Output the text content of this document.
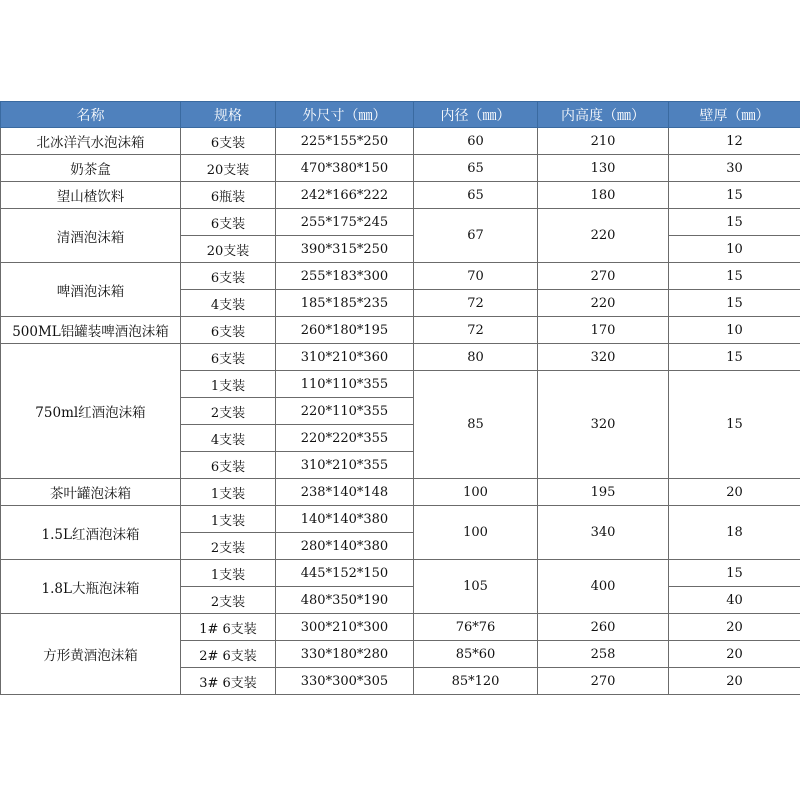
名称	规格	外尺寸（㎜）	内径（㎜）	内高度（㎜）	壁厚（㎜）
北冰洋汽水泡沫箱	6支装	225*155*250	60	210	12
奶茶盒	20支装	470*380*150	65	130	30
望山楂饮料	6瓶装	242*166*222	65	180	15
清酒泡沫箱	6支装	255*175*245	67	220	15
	20支装	390*315*250			10
啤酒泡沫箱	6支装	255*183*300	70	270	15
	4支装	185*185*235	72	220	15
500ML铝罐装啤酒泡沫箱	6支装	260*180*195	72	170	10
750ml红酒泡沫箱	6支装	310*210*360	80	320	15
	1支装	110*110*355	85	320	15
	2支装	220*110*355			
	4支装	220*220*355			
	6支装	310*210*355			
茶叶罐泡沫箱	1支装	238*140*148	100	195	20
1.5L红酒泡沫箱	1支装	140*140*380	100	340	18
	2支装	280*140*380			
1.8L大瓶泡沫箱	1支装	445*152*150	105	400	15
	2支装	480*350*190			40
方形黄酒泡沫箱	1# 6支装	300*210*300	76*76	260	20
	2# 6支装	330*180*280	85*60	258	20
	3# 6支装	330*300*305	85*120	270	20
